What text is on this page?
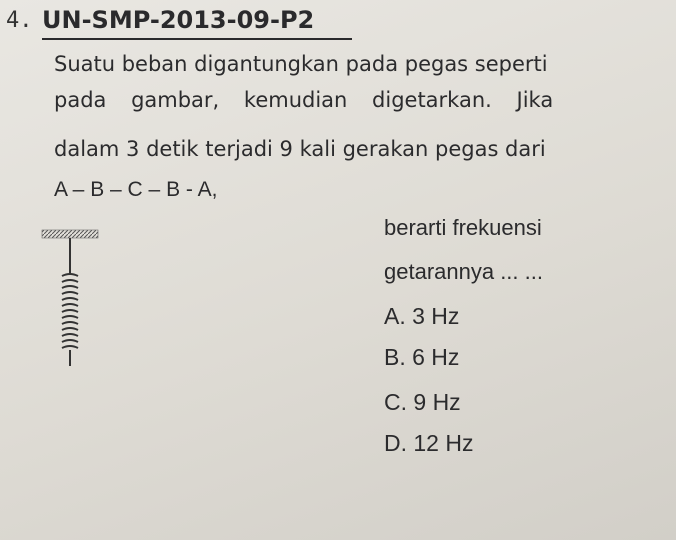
4. UN-SMP-2013-09-P2
Suatu beban digantungkan pada pegas seperti
pada gambar, kemudian digetarkan. Jika
dalam 3 detik terjadi 9 kali gerakan pegas dari
A – B – C – B - A,
berarti frekuensi
getarannya ... ...
A. 3 Hz
B. 6 Hz
C. 9 Hz
D. 12 Hz
